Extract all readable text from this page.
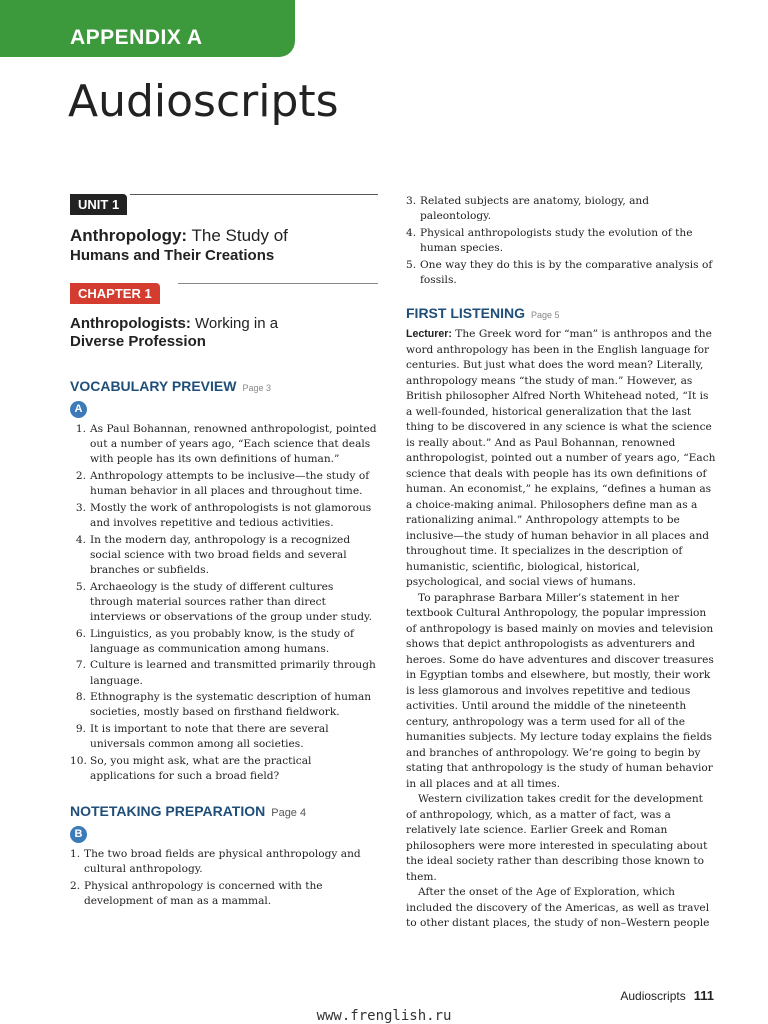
APPENDIX A
Audioscripts
UNIT 1

Anthropology: The Study of

Humans and Their Creations

CHAPTER 1

Anthropologists: Working in a
Diverse Profession

VOCABULARY PREVIEW Page 3

A
1. As Paul Bohannan, renowned anthropologist, pointed out a number of years ago, “Each science that deals with people has its own definitions of human.”
2. Anthropology attempts to be inclusive—the study of human behavior in all places and throughout time.
3. Mostly the work of anthropologists is not glamorous and involves repetitive and tedious activities.
4. In the modern day, anthropology is a recognized social science with two broad fields and several branches or subfields.
5. Archaeology is the study of different cultures through material sources rather than direct interviews or observations of the group under study.
6. Linguistics, as you probably know, is the study of language as communication among humans.
7. Culture is learned and transmitted primarily through language.
8. Ethnography is the systematic description of human societies, mostly based on firsthand fieldwork.
9. It is important to note that there are several universals common among all societies.
10. So, you might ask, what are the practical applications for such a broad field?

NOTETAKING PREPARATION Page 4

B
1. The two broad fields are physical anthropology and cultural anthropology.
2. Physical anthropology is concerned with the development of man as a mammal.
3. Related subjects are anatomy, biology, and paleontology.
4. Physical anthropologists study the evolution of the human species.
5. One way they do this is by the comparative analysis of fossils.

FIRST LISTENING Page 5

Lecturer: The Greek word for “man” is anthropos and the word anthropology has been in the English language for centuries. But just what does the word mean? Literally, anthropology means “the study of man.” However, as British philosopher Alfred North Whitehead noted, “It is a well-founded, historical generalization that the last thing to be discovered in any science is what the science is really about.” And as Paul Bohannan, renowned anthropologist, pointed out a number of years ago, “Each science that deals with people has its own definitions of human. An economist,” he explains, “defines a human as a choice-making animal. Philosophers define man as a rationalizing animal.” Anthropology attempts to be inclusive—the study of human behavior in all places and throughout time. It specializes in the description of humanistic, scientific, biological, historical, psychological, and social views of humans.

To paraphrase Barbara Miller’s statement in her textbook Cultural Anthropology, the popular impression of anthropology is based mainly on movies and television shows that depict anthropologists as adventurers and heroes. Some do have adventures and discover treasures in Egyptian tombs and elsewhere, but mostly, their work is less glamorous and involves repetitive and tedious activities. Until around the middle of the nineteenth century, anthropology was a term used for all of the humanities subjects. My lecture today explains the fields and branches of anthropology. We’re going to begin by stating that anthropology is the study of human behavior in all places and at all times.

Western civilization takes credit for the development of anthropology, which, as a matter of fact, was a relatively late science. Earlier Greek and Roman philosophers were more interested in speculating about the ideal society rather than describing those known to them.

After the onset of the Age of Exploration, which included the discovery of the Americas, as well as travel to other distant places, the study of non–Western people

Audioscripts 111
www.frenglish.ru
